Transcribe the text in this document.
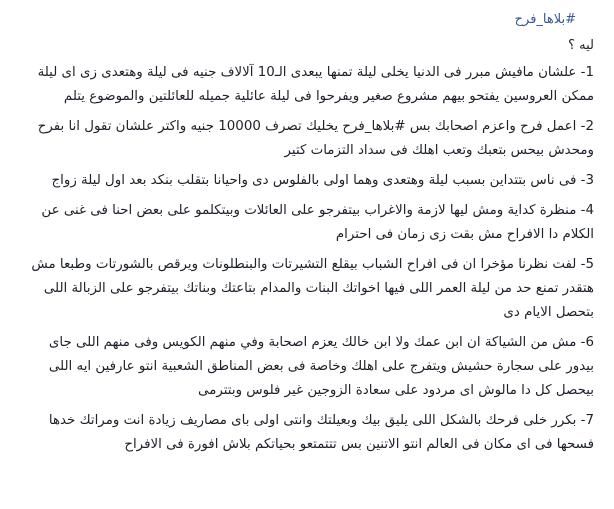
#بلاها_فرح
ليه ؟

1- علشان مافيش مبرر فى الدنيا يخلى ليلة تمنها يبعدى الـ10 آلالاف جنيه فى ليلة وهتعدى زى اى ليلة ممكن العروسين يفتحو بيهم مشروع صغير ويفرحوا فى ليلة عائلية جميله للعائلتين والموضوع يتلم

2- اعمل فرح واعزم اصحابك بس #بلاها_فرح يخليك تصرف 10000 جنيه واكتر علشان تقول انا بفرح ومحدش بيحس بتعبك وتعب اهلك فى سداد التزمات كتير

3- فى ناس بتتداين بسبب ليلة وهتعدى وهما اولى بالفلوس دى واحيانا بتقلب بنكد بعد اول ليلة زواج

4- منظرة كداية ومش ليها لازمة والاغراب بيتفرجو على العائلات وبيتكلمو على بعض احنا فى غنى عن الكلام دا الافراح مش بقت زى زمان فى احترام

5- لفت نظرنا مؤخرا ان فى افراح الشباب بيقلع التشيرتات والبنطلونات ويرقص بالشورتات وطبعا مش هتقدر تمنع حد من ليلة العمر اللى فيها اخواتك البنات والمدام بتاعتك وبناتك بيتفرجو على الزبالة اللى بتحصل الايام دى

6- مش من الشياكة ان ابن عمك ولا ابن خالك يعزم اصحابة وفي منهم الكويس وفى منهم اللى جاى بيدور على سجارة حشيش ويتفرج على اهلك وخاصة فى بعض المناطق الشعبية انتو عارفين ايه اللى بيحصل كل دا مالوش اى مردود على سعادة الزوجين غير فلوس وبتترمى

7- بكرر خلى فرحك بالشكل اللى يليق بيك وبعيلتك وانتى اولى باى مصاريف زيادة انت ومراتك خدها فسحها فى اى مكان فى العالم انتو الاتنين بس تتتمتعو بحياتكم بلاش افورة فى الافراح
